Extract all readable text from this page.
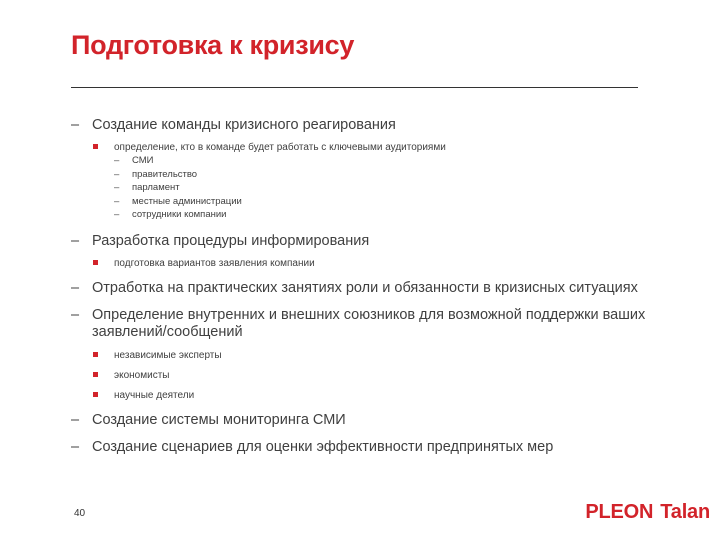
Подготовка к кризису
– Создание команды кризисного реагирования
определение, кто в команде будет работать с ключевыми аудиториями
– СМИ
– правительство
– парламент
– местные администрации
– сотрудники компании
– Разработка процедуры информирования
подготовка вариантов заявления компании
– Отработка на практических занятиях роли и обязанности в кризисных ситуациях
– Определение внутренних и внешних союзников для возможной поддержки ваших заявлений/сообщений
независимые эксперты
экономисты
научные деятели
– Создание системы мониторинга СМИ
– Создание сценариев для оценки эффективности предпринятых мер
40	PLEON Talan
